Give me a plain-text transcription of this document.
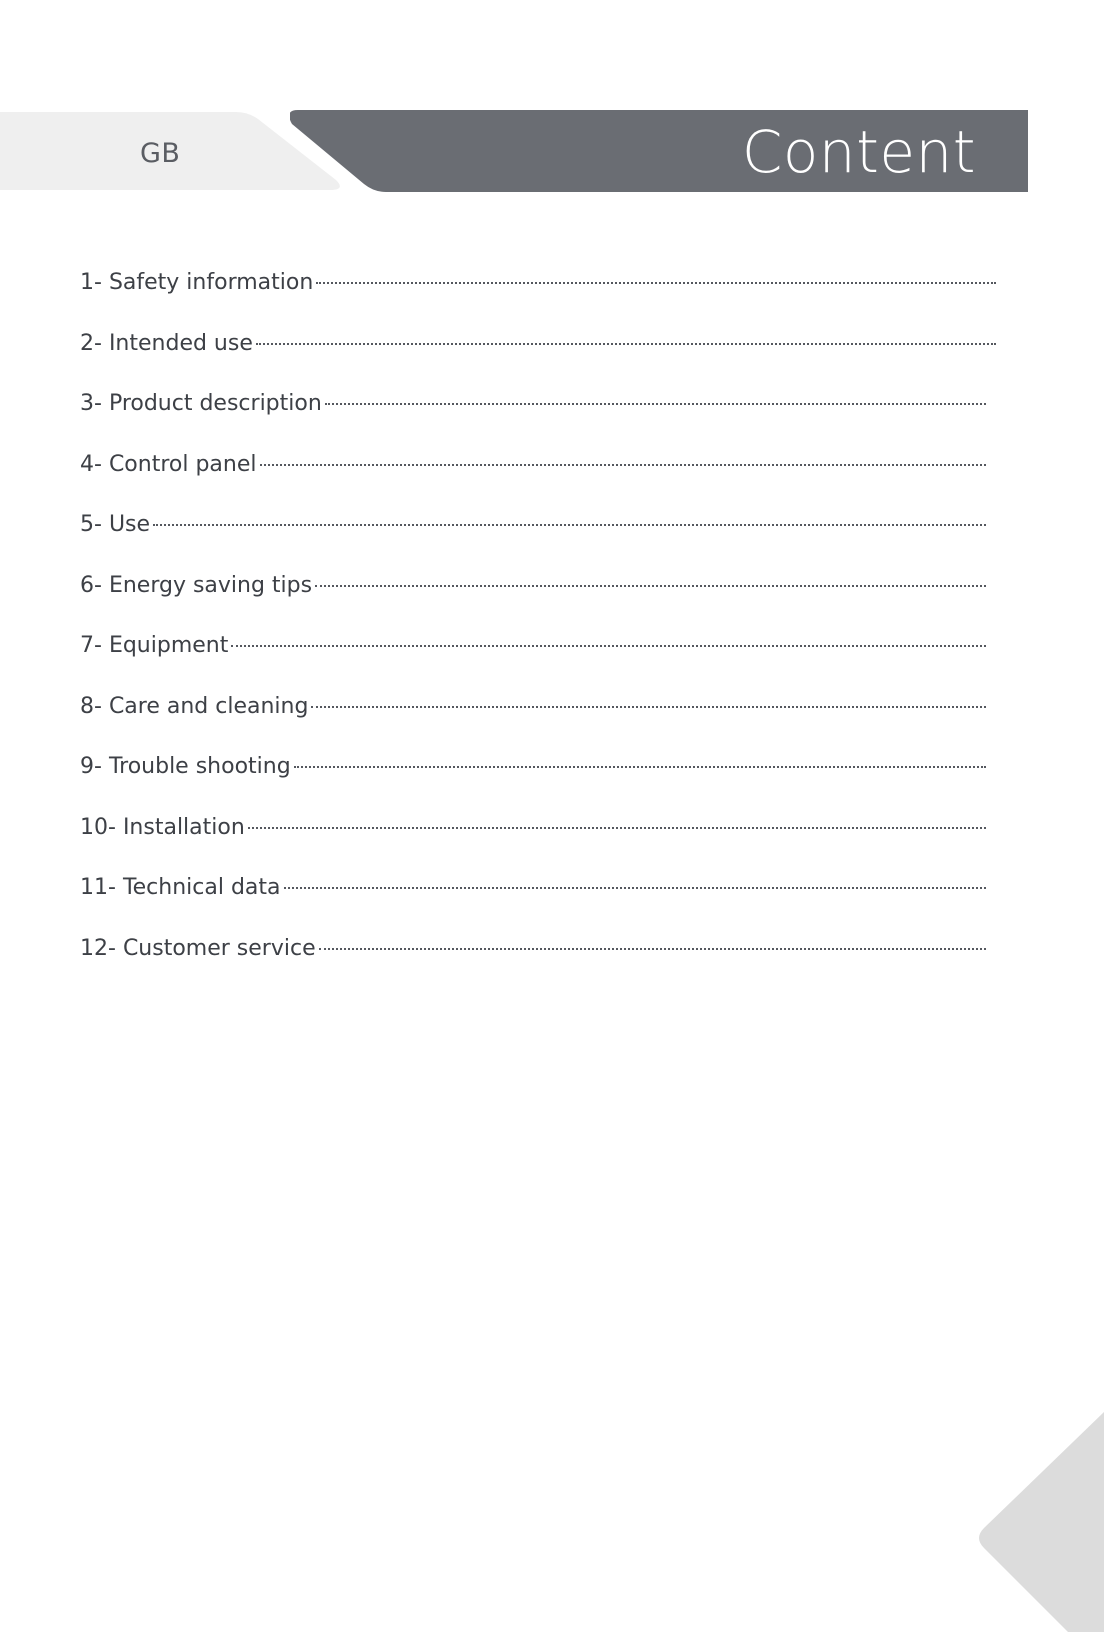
GB	Content
1- Safety information
2- Intended use
3- Product description
4- Control panel
5- Use
6- Energy saving tips
7- Equipment
8- Care and cleaning
9- Trouble shooting
10- Installation
11- Technical data
12- Customer service
